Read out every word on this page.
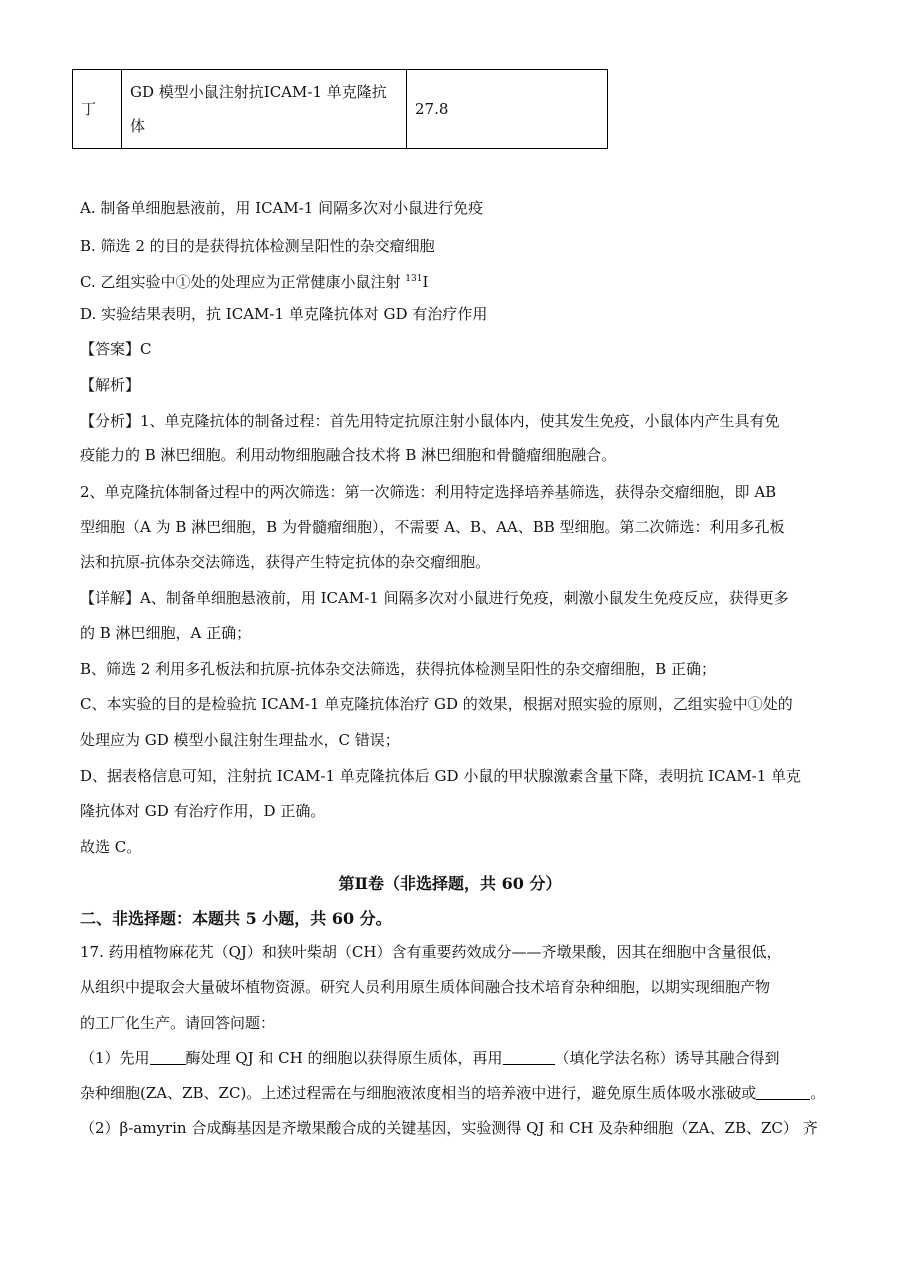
丁	GD 模型小鼠注射抗ICAM-1 单克隆抗体	27.8
A. 制备单细胞悬液前，用 ICAM-1 间隔多次对小鼠进行免疫
B. 筛选 2 的目的是获得抗体检测呈阳性的杂交瘤细胞
C. 乙组实验中①处的处理应为正常健康小鼠注射 $^{131}$I
D. 实验结果表明，抗 ICAM-1 单克隆抗体对 GD 有治疗作用
【答案】C
【解析】
【分析】1、单克隆抗体的制备过程：首先用特定抗原注射小鼠体内，使其发生免疫，小鼠体内产生具有免
疫能力的 B 淋巴细胞。利用动物细胞融合技术将 B 淋巴细胞和骨髓瘤细胞融合。
2、单克隆抗体制备过程中的两次筛选：第一次筛选：利用特定选择培养基筛选，获得杂交瘤细胞，即 AB
型细胞（A 为 B 淋巴细胞，B 为骨髓瘤细胞），不需要 A、B、AA、BB 型细胞。第二次筛选：利用多孔板
法和抗原-抗体杂交法筛选，获得产生特定抗体的杂交瘤细胞。
【详解】A、制备单细胞悬液前，用 ICAM-1 间隔多次对小鼠进行免疫，刺激小鼠发生免疫反应，获得更多
的 B 淋巴细胞，A 正确；
B、筛选 2 利用多孔板法和抗原-抗体杂交法筛选，获得抗体检测呈阳性的杂交瘤细胞，B 正确；
C、本实验的目的是检验抗 ICAM-1 单克隆抗体治疗 GD 的效果，根据对照实验的原则，乙组实验中①处的
处理应为 GD 模型小鼠注射生理盐水，C 错误；
D、据表格信息可知，注射抗 ICAM-1 单克隆抗体后 GD 小鼠的甲状腺激素含量下降，表明抗 ICAM-1 单克
隆抗体对 GD 有治疗作用，D 正确。
故选 C。
第Ⅱ卷（非选择题，共 60 分）
二、非选择题：本题共 5 小题，共 60 分。
17. 药用植物麻花艽（QJ）和狭叶柴胡（CH）含有重要药效成分——齐墩果酸，因其在细胞中含量很低，
从组织中提取会大量破坏植物资源。研究人员利用原生质体间融合技术培育杂种细胞，以期实现细胞产物
的工厂化生产。请回答问题：
（1）先用 酶处理 QJ 和 CH 的细胞以获得原生质体，再用	（填化学法名称）诱导其融合得到
杂种细胞(ZA、ZB、ZC)。上述过程需在与细胞液浓度相当的培养液中进行，避免原生质体吸水涨破或	。
（2）β-amyrin 合成酶基因是齐墩果酸合成的关键基因，实验测得 QJ 和 CH 及杂种细胞（ZA、ZB、ZC） 齐
